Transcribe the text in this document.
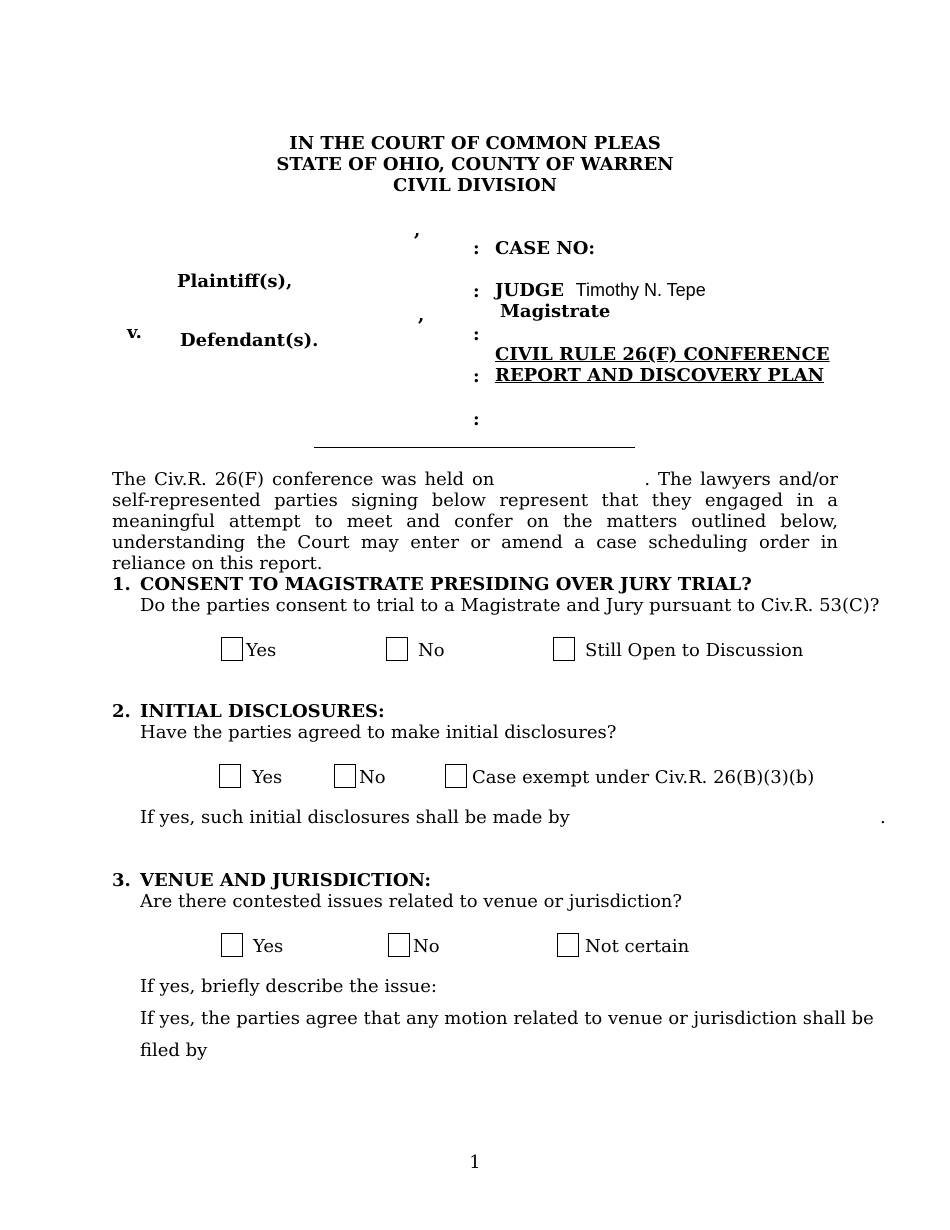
IN THE COURT OF COMMON PLEAS
STATE OF OHIO, COUNTY OF WARREN
CIVIL DIVISION
,
Plaintiff(s),
,
v. Defendant(s).
:
:
:
:
:
CASE NO:
JUDGE Timothy N. Tepe
Magistrate
CIVIL RULE 26(F) CONFERENCE
REPORT AND DISCOVERY PLAN
The Civ.R. 26(F) conference was held on	. The lawyers and/or self-represented parties signing below represent that they engaged in a meaningful attempt to meet and confer on the matters outlined below, understanding the Court may enter or amend a case scheduling order in reliance on this report.
1. CONSENT TO MAGISTRATE PRESIDING OVER JURY TRIAL?
Do the parties consent to trial to a Magistrate and Jury pursuant to Civ.R. 53(C)?
Yes	No	Still Open to Discussion
2. INITIAL DISCLOSURES:
Have the parties agreed to make initial disclosures?
Yes	No	Case exempt under Civ.R. 26(B)(3)(b)
If yes, such initial disclosures shall be made by	.
3. VENUE AND JURISDICTION:
Are there contested issues related to venue or jurisdiction?
Yes	No	Not certain
If yes, briefly describe the issue:
If yes, the parties agree that any motion related to venue or jurisdiction shall be
filed by
1
